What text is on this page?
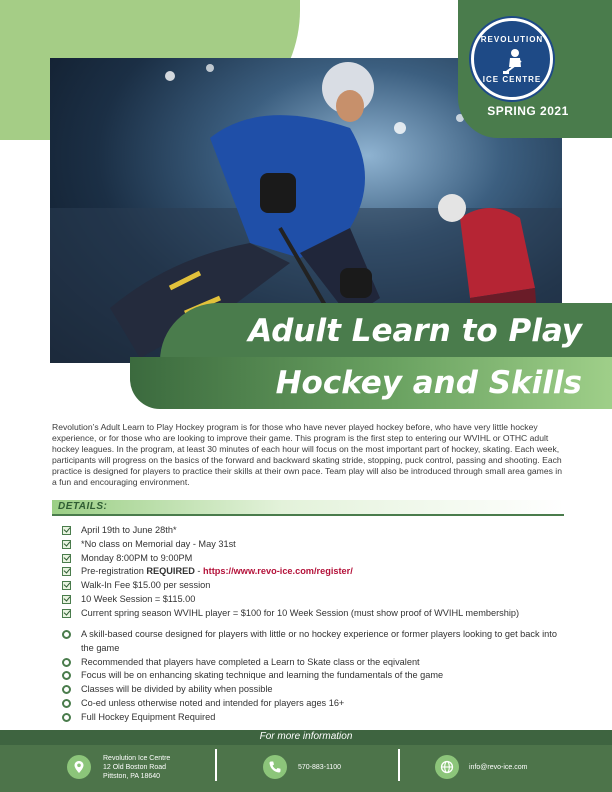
REVOLUTION
ICE CENTRE
SPRING 2021
Adult Learn to Play
Hockey and Skills

Revolution’s Adult Learn to Play Hockey program is for those who have never played hockey before, who have very little hockey experience, or for those who are looking to improve their game. This program is the first step to entering our WVIHL or OTHC adult hockey leagues. In the program, at least 30 minutes of each hour will focus on the most important part of hockey, skating. Each week, participants will progress on the basics of the forward and backward skating stride, stopping, puck control, passing and shooting. Each practice is designed for players to practice their skills at their own pace. Team play will also be introduced through small area games in a fun and encouraging environment.

DETAILS:
April 19th to June 28th*
*No class on Memorial day - May 31st
Monday 8:00PM to 9:00PM
Pre-registration REQUIRED - https://www.revo-ice.com/register/
Walk-In Fee $15.00 per session
10 Week Session = $115.00
Current spring season WVIHL player = $100 for 10 Week Session (must show proof of WVIHL membership)
A skill-based course designed for players with little or no hockey experience or former players looking to get back into the game
Recommended that players have completed a Learn to Skate class or the eqivalent
Focus will be on enhancing skating technique and learning the fundamentals of the game
Classes will be divided by ability when possible
Co-ed unless otherwise noted and intended for players ages 16+
Full Hockey Equipment Required
For more information
Revolution Ice Centre
12 Old Boston Road
Pittston, PA 18640
570-883-1100	info@revo-ice.com
